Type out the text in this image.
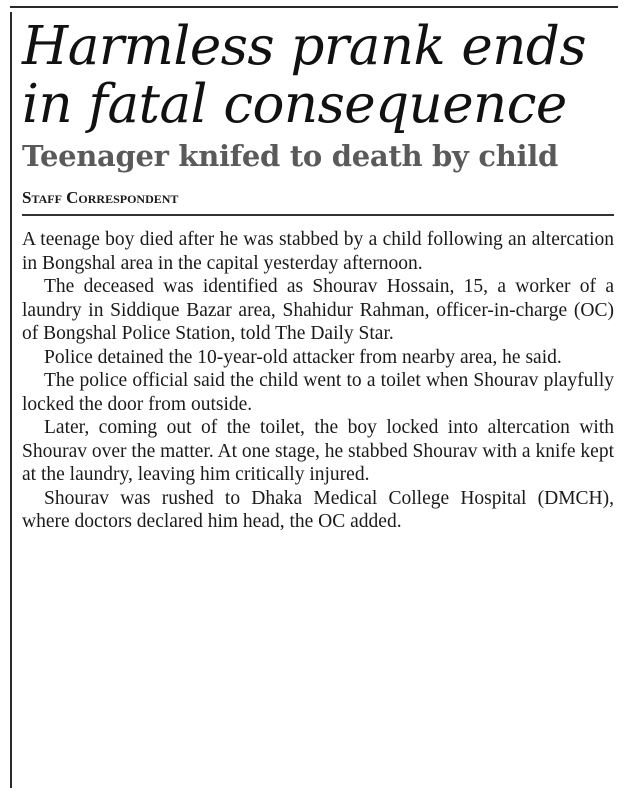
Harmless prank ends
in fatal consequence
Teenager knifed to death by child
Staff Correspondent

A teenage boy died after he was stabbed by a child following an altercation in Bongshal area in the capital yesterday afternoon.

The deceased was identified as Shourav Hossain, 15, a worker of a laundry in Siddique Bazar area, Shahidur Rahman, officer-in-charge (OC) of Bongshal Police Station, told The Daily Star.

Police detained the 10-year-old attacker from nearby area, he said.

The police official said the child went to a toilet when Shourav playfully locked the door from outside.

Later, coming out of the toilet, the boy locked into altercation with Shourav over the matter. At one stage, he stabbed Shourav with a knife kept at the laundry, leaving him critically injured.

Shourav was rushed to Dhaka Medical College Hospital (DMCH), where doctors declared him head, the OC added.
